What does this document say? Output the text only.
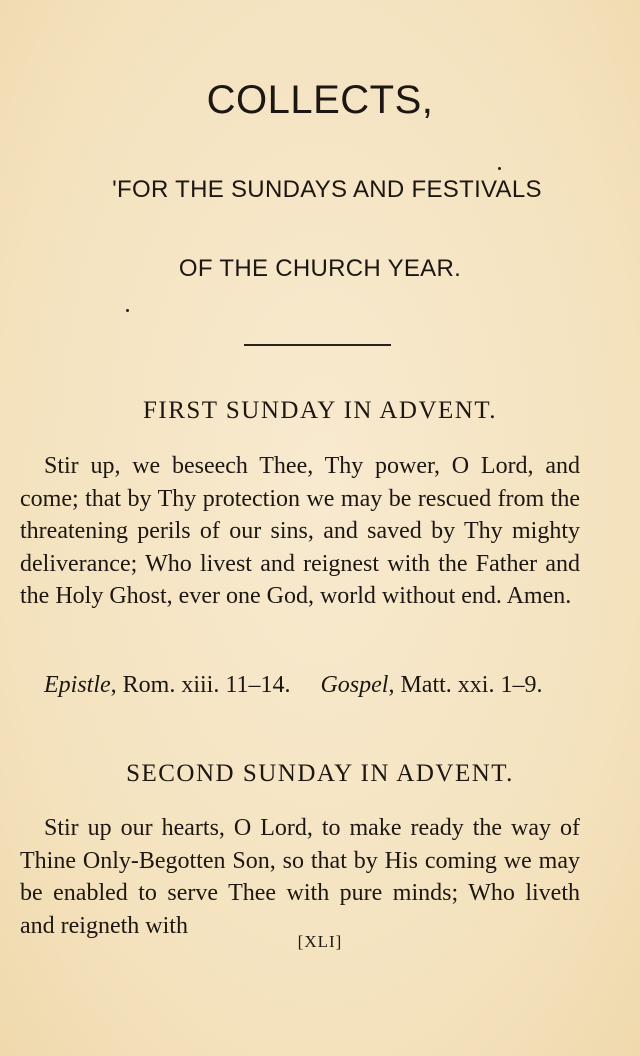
COLLECTS,
'FOR THE SUNDAYS AND FESTIVALS
OF THE CHURCH YEAR.
FIRST SUNDAY IN ADVENT.

Stir up, we beseech Thee, Thy power, O Lord, and come; that by Thy protection we may be rescued from the threatening perils of our sins, and saved by Thy mighty deliverance; Who livest and reignest with the Father and the Holy Ghost, ever one God, world without end. Amen.

Epistle, Rom. xiii. 11–14. Gospel, Matt. xxi. 1–9.

SECOND SUNDAY IN ADVENT.

Stir up our hearts, O Lord, to make ready the way of Thine Only-Begotten Son, so that by His coming we may be enabled to serve Thee with pure minds; Who liveth and reigneth with

[XLI]
